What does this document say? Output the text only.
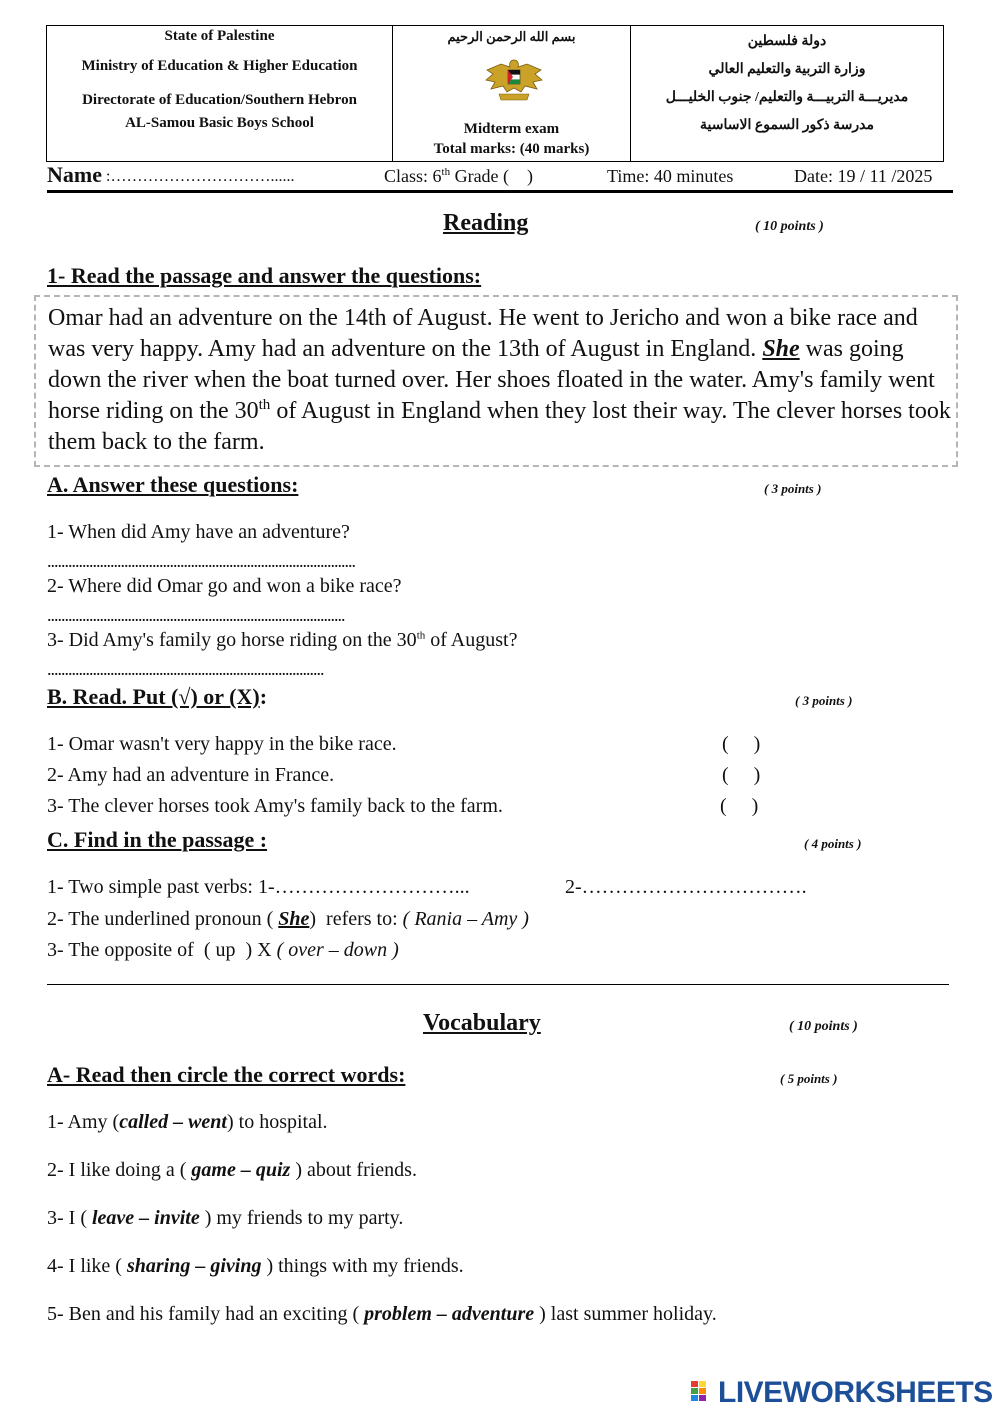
State of Palestine
Ministry of Education & Higher Education
Directorate of Education/Southern Hebron
AL-Samou Basic Boys School
بسم الله الرحمن الرحيم
Midterm exam
Total marks: (40 marks)
دولة فلسطين
وزارة التربية والتعليم العالي
مديريـــة التربيـــة والتعليم/ جنوب الخليـــل
مدرسة ذكور السموع الاساسية
Name :…………………………......	Class: 6th Grade (    )	Time: 40 minutes	Date: 19 / 11 /2025
Reading	( 10 points )
1- Read the passage and answer the questions:

Omar had an adventure on the 14th of August. He went to Jericho and won a bike race and was very happy. Amy had an adventure on the 13th of August in England. She was going down the river when the boat turned over. Her shoes floated in the water. Amy's family went horse riding on the 30th of August in England when they lost their way. The clever horses took them back to the farm.

A. Answer these questions:	( 3 points )
1- When did Amy have an adventure?
........................................................................................
2- Where did Omar go and won a bike race?
.....................................................................................
3- Did Amy's family go horse riding on the 30th of August?
...............................................................................
B. Read. Put (√) or (X):	( 3 points )
1- Omar wasn't very happy in the bike race.	(     )
2- Amy had an adventure in France.	(     )
3- The clever horses took Amy's family back to the farm.	(     )
C. Find in the passage :	( 4 points )
1- Two simple past verbs: 1-………………………...	2-…………………………….
2- The underlined pronoun ( She)  refers to: ( Rania – Amy )
3- The opposite of  ( up  ) X ( over – down )
Vocabulary	( 10 points )
A- Read then circle the correct words:	( 5 points )
1- Amy (called – went) to hospital.
2- I like doing a ( game – quiz ) about friends.
3- I ( leave – invite ) my friends to my party.
4- I like ( sharing – giving ) things with my friends.
5- Ben and his family had an exciting ( problem – adventure ) last summer holiday.
LIVEWORKSHEETS
